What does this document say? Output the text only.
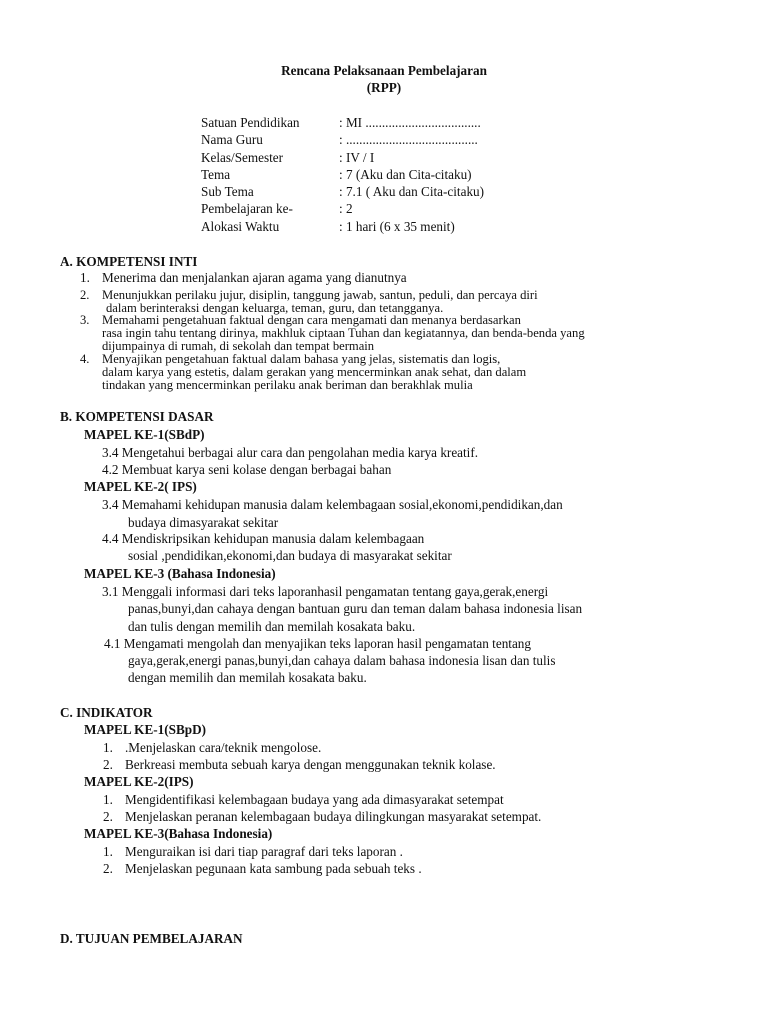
Rencana Pelaksanaan Pembelajaran
(RPP)
Satuan Pendidikan	: MI ...................................
Nama Guru	: ........................................
Kelas/Semester	: IV / I
Tema	: 7 (Aku dan Cita-citaku)
Sub Tema	: 7.1 ( Aku dan Cita-citaku)
Pembelajaran ke-	: 2
Alokasi Waktu	: 1 hari (6 x 35 menit)
A. KOMPETENSI INTI
1. Menerima dan menjalankan ajaran agama yang dianutnya
2. Menunjukkan perilaku jujur, disiplin, tanggung jawab, santun, peduli, dan percaya diri
dalam berinteraksi dengan keluarga, teman, guru, dan tetangganya.
3. Memahami pengetahuan faktual dengan cara mengamati dan menanya berdasarkan
rasa ingin tahu tentang dirinya, makhluk ciptaan Tuhan dan kegiatannya, dan benda-benda yang
dijumpainya di rumah, di sekolah dan tempat bermain
4. Menyajikan pengetahuan faktual dalam bahasa yang jelas, sistematis dan logis,
dalam karya yang estetis, dalam gerakan yang mencerminkan anak sehat, dan dalam
tindakan yang mencerminkan perilaku anak beriman dan berakhlak mulia
B. KOMPETENSI DASAR
MAPEL KE-1(SBdP)
3.4 Mengetahui berbagai alur cara dan pengolahan media karya kreatif.
4.2 Membuat karya seni kolase dengan berbagai bahan
MAPEL KE-2( IPS)
3.4 Memahami kehidupan manusia dalam kelembagaan sosial,ekonomi,pendidikan,dan
budaya dimasyarakat sekitar
4.4 Mendiskripsikan kehidupan manusia dalam kelembagaan
sosial ,pendidikan,ekonomi,dan budaya di masyarakat sekitar
MAPEL KE-3 (Bahasa Indonesia)
3.1 Menggali informasi dari teks laporanhasil pengamatan tentang gaya,gerak,energi
panas,bunyi,dan cahaya dengan bantuan guru dan teman dalam bahasa indonesia lisan
dan tulis dengan memilih dan memilah kosakata baku.
4.1 Mengamati mengolah dan menyajikan teks laporan hasil pengamatan tentang
gaya,gerak,energi panas,bunyi,dan cahaya dalam bahasa indonesia lisan dan tulis
dengan memilih dan memilah kosakata baku.
C. INDIKATOR
MAPEL KE-1(SBpD)
1. .Menjelaskan cara/teknik mengolose.
2. Berkreasi membuta sebuah karya dengan menggunakan teknik kolase.
MAPEL KE-2(IPS)
1. Mengidentifikasi kelembagaan budaya yang ada dimasyarakat setempat
2. Menjelaskan peranan kelembagaan budaya dilingkungan masyarakat setempat.
MAPEL KE-3(Bahasa Indonesia)
1. Menguraikan isi dari tiap paragraf dari teks laporan .
2. Menjelaskan pegunaan kata sambung pada sebuah teks .
D. TUJUAN PEMBELAJARAN
